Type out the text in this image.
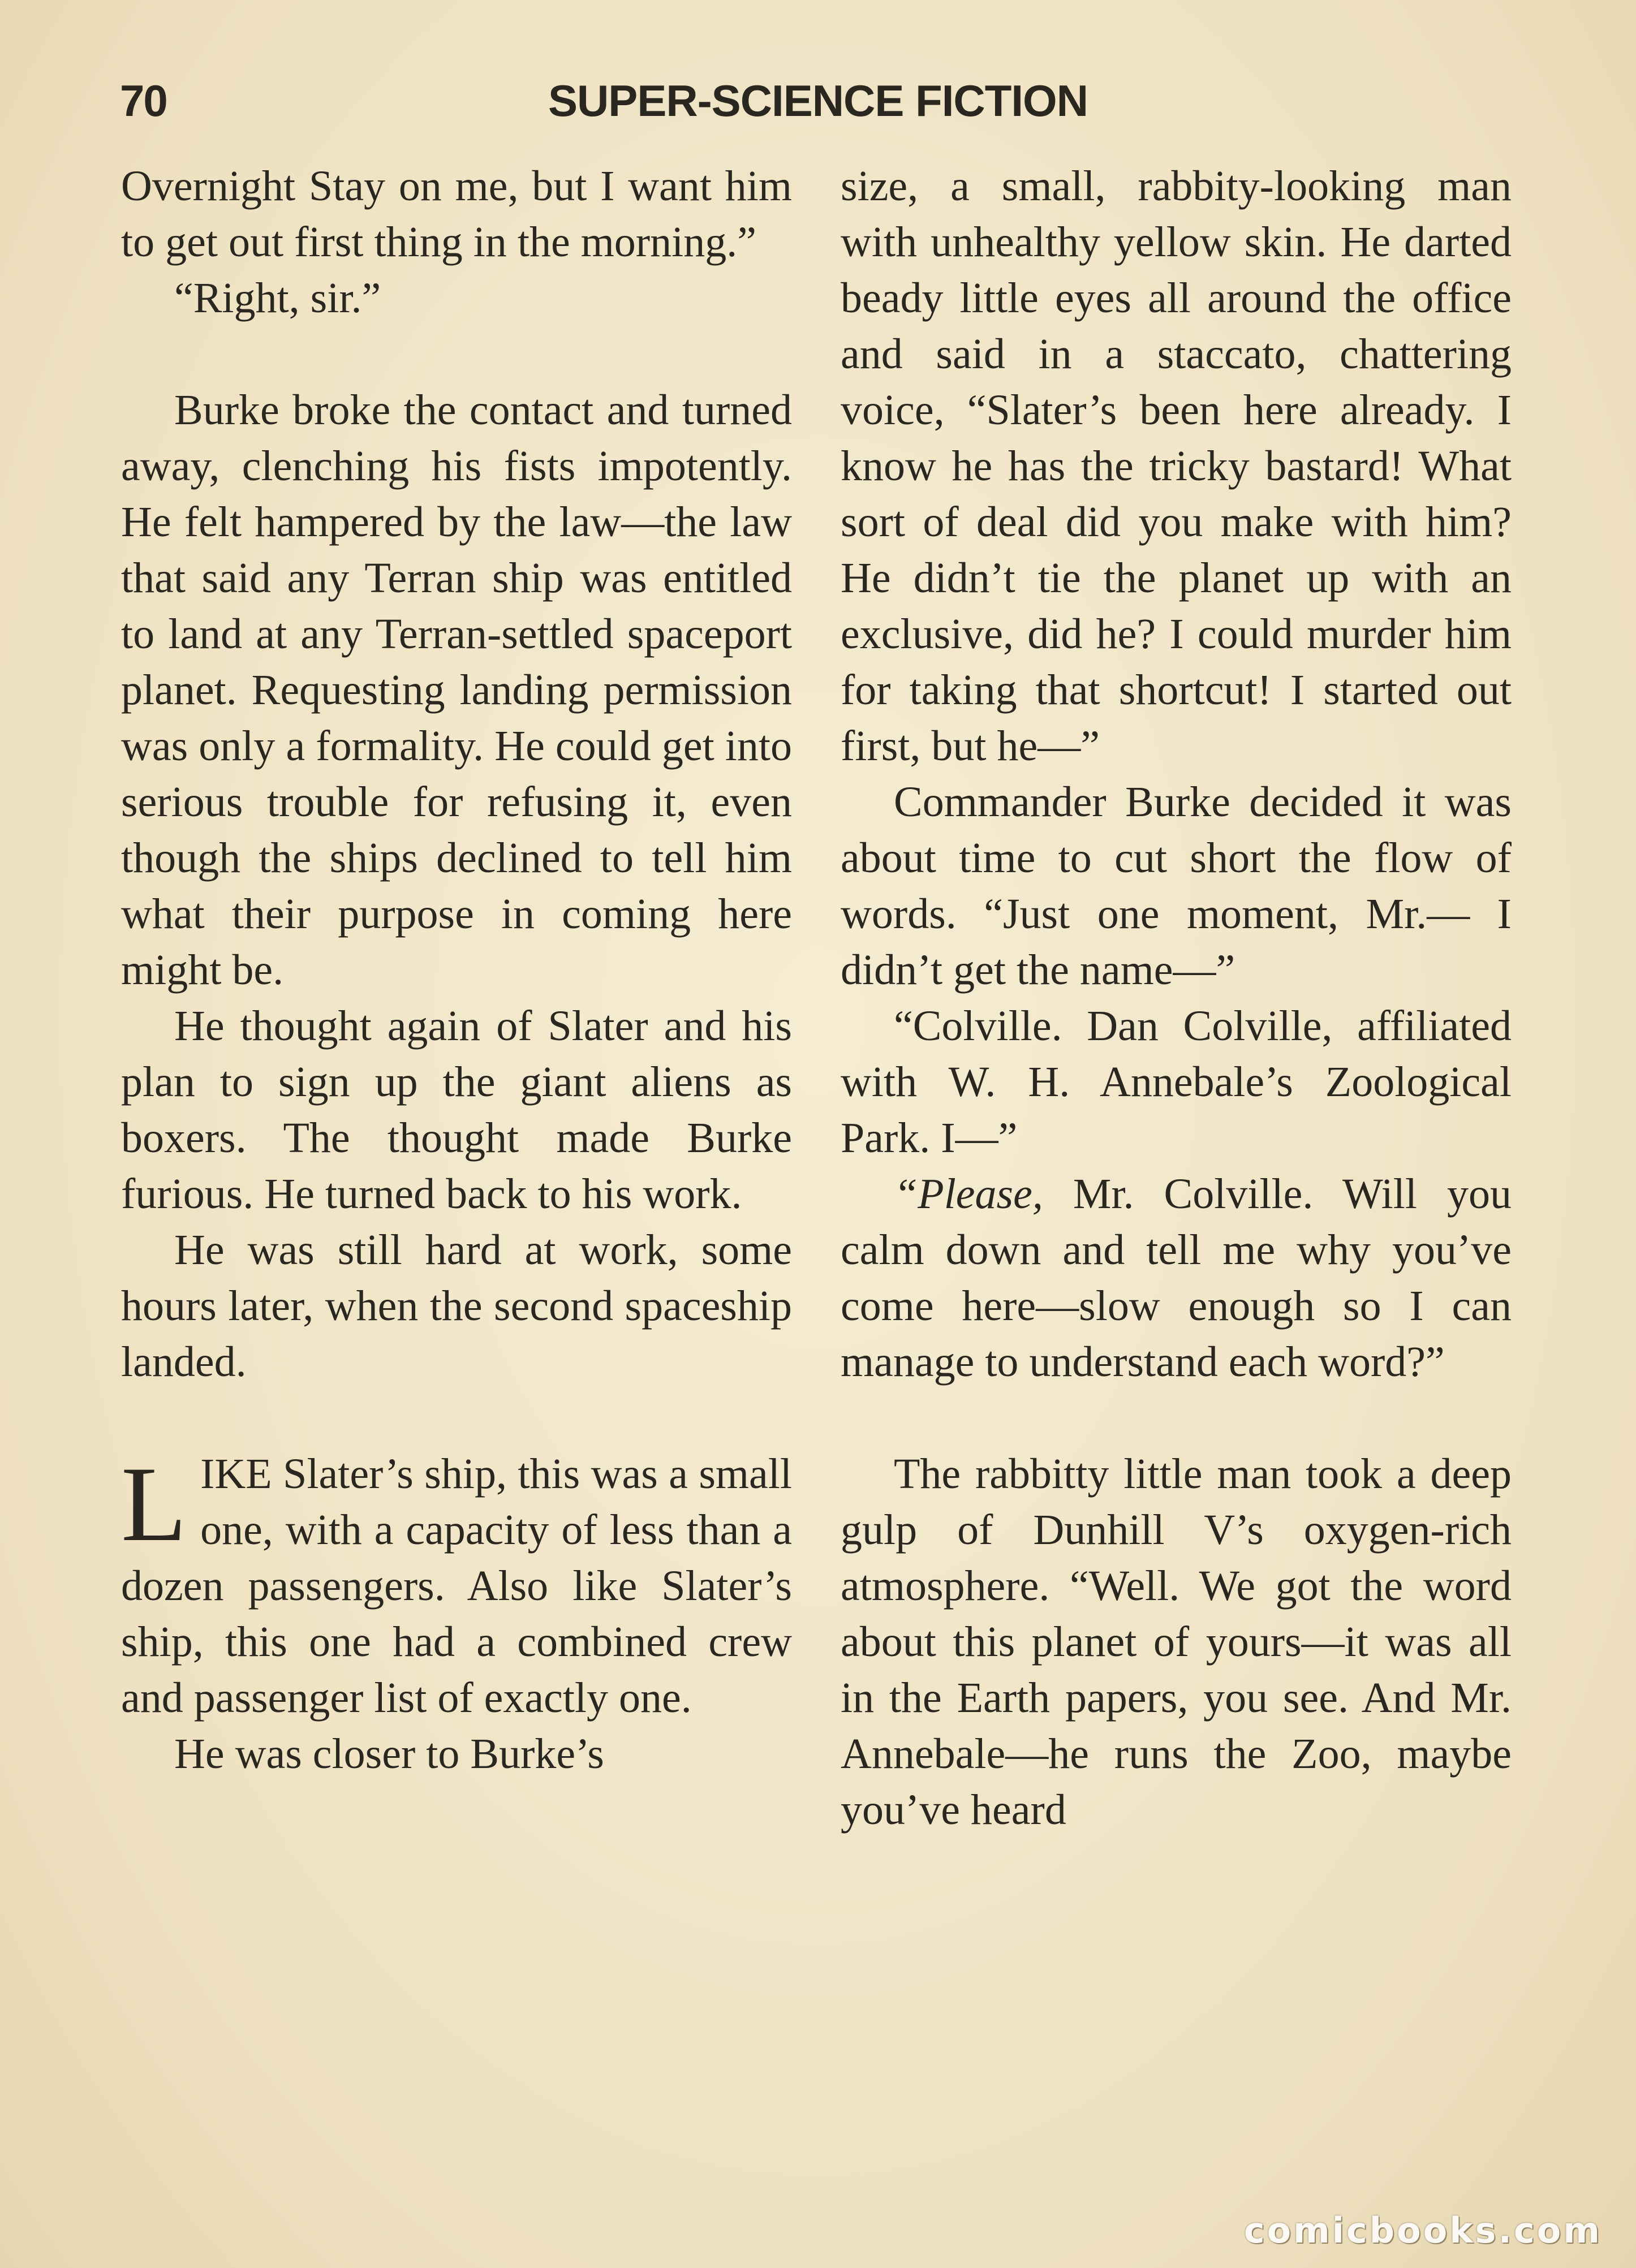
70	SUPER-SCIENCE FICTION

Overnight Stay on me, but I want him to get out first thing in the morning.”

“Right, sir.”

Burke broke the contact and turned away, clenching his fists impotently. He felt hampered by the law—the law that said any Terran ship was entitled to land at any Terran-settled spaceport planet. Requesting landing permission was only a formality. He could get into serious trouble for refusing it, even though the ships declined to tell him what their purpose in coming here might be.

He thought again of Slater and his plan to sign up the giant aliens as boxers. The thought made Burke furious. He turned back to his work.

He was still hard at work, some hours later, when the second spaceship landed.

LIKE Slater’s ship, this was a small one, with a capacity of less than a dozen passengers. Also like Slater’s ship, this one had a combined crew and passenger list of exactly one.

He was closer to Burke’s

size, a small, rabbity-looking man with unhealthy yellow skin. He darted beady little eyes all around the office and said in a staccato, chattering voice, “Slater’s been here already. I know he has the tricky bastard! What sort of deal did you make with him? He didn’t tie the planet up with an exclusive, did he? I could murder him for taking that shortcut! I started out first, but he—”

Commander Burke decided it was about time to cut short the flow of words. “Just one moment, Mr.— I didn’t get the name—”

“Colville. Dan Colville, affiliated with W. H. Annebale’s Zoological Park. I—”

“Please, Mr. Colville. Will you calm down and tell me why you’ve come here—slow enough so I can manage to understand each word?”

The rabbitty little man took a deep gulp of Dunhill V’s oxygen-rich atmosphere. “Well. We got the word about this planet of yours—it was all in the Earth papers, you see. And Mr. Annebale—he runs the Zoo, maybe you’ve heard

comicbooks.com
